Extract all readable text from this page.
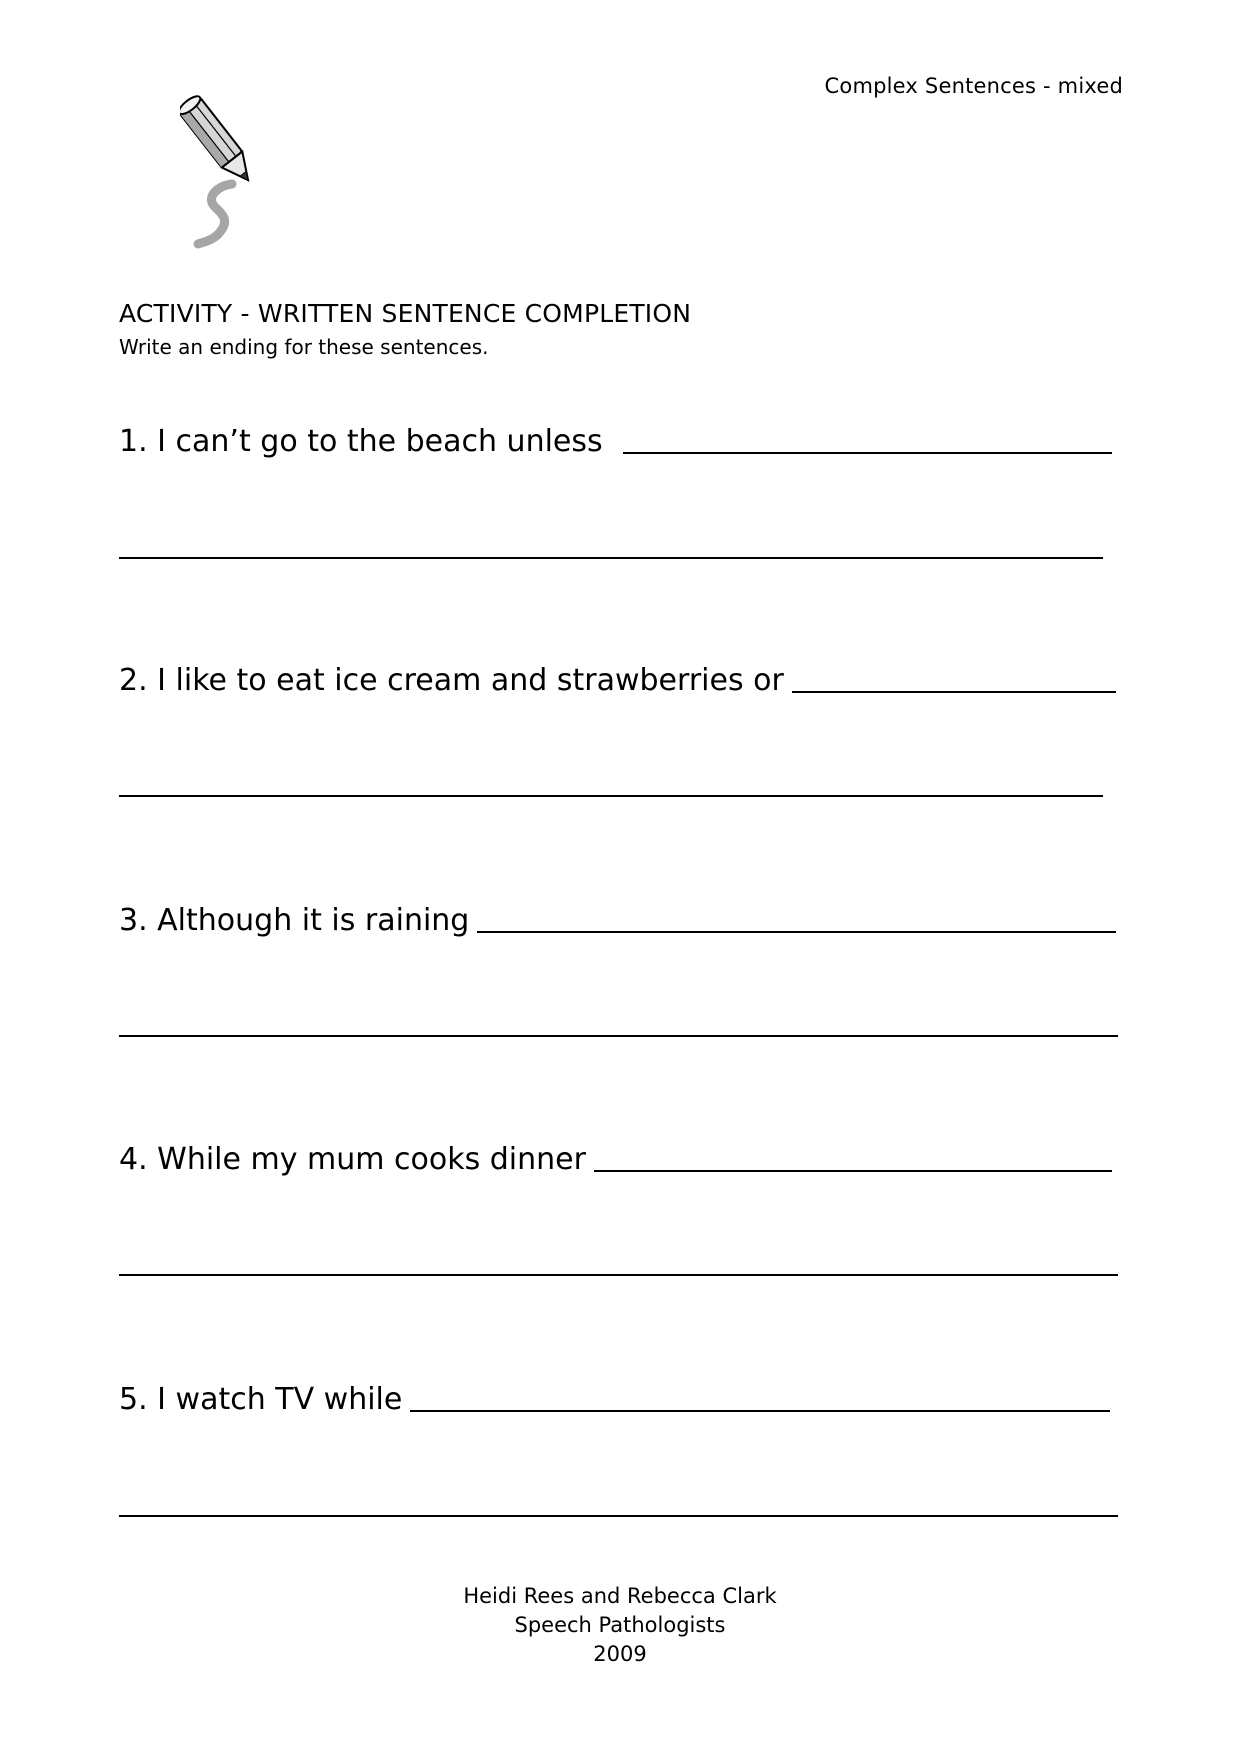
Complex Sentences - mixed
ACTIVITY - WRITTEN SENTENCE COMPLETION
Write an ending for these sentences.
1. I can’t go to the beach unless
2. I like to eat ice cream and strawberries or
3. Although it is raining
4. While my mum cooks dinner
5. I watch TV while
Heidi Rees and Rebecca Clark
Speech Pathologists
2009
